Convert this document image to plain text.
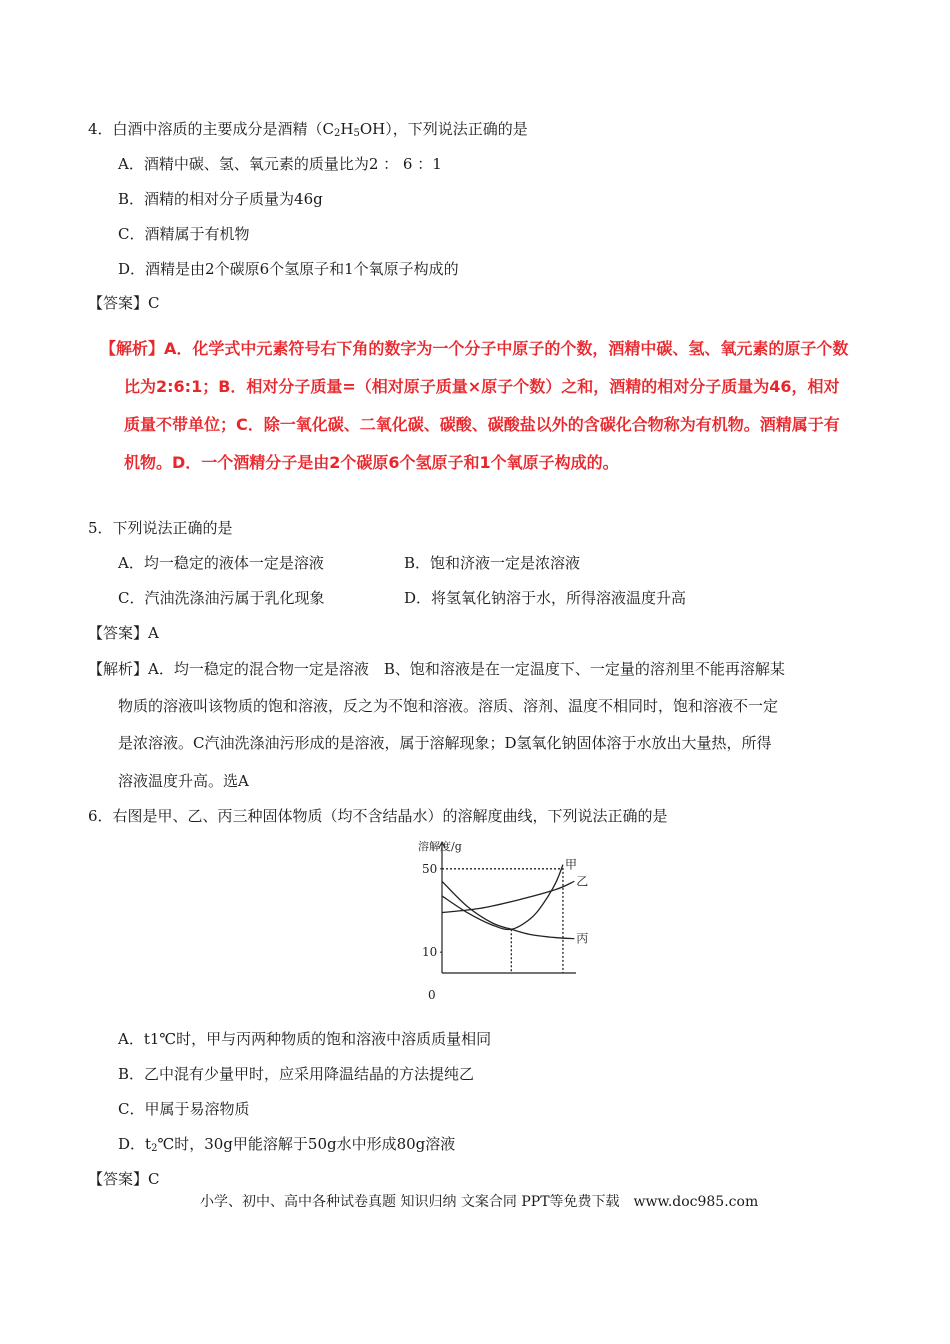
4．白酒中溶质的主要成分是酒精$(C_2H_5OH)$，下列说法正确的是
A．酒精中碳、氢、氧元素的质量比为2 ： 6 ：1
B．酒精的相对分子质量为46g
C．酒精属于有机物
D．酒精是由2个碳原6个氢原子和1个氧原子构成的
【答案】C
【解析】A．化学式中元素符号右下角的数字为一个分子中原子的个数，酒精中碳、氢、氧元素的原子个数
比为2:6:1；B．相对分子质量=（相对原子质量×原子个数）之和，酒精的相对分子质量为46，相对
质量不带单位；C．除一氧化碳、二氧化碳、碳酸、碳酸盐以外的含碳化合物称为有机物。酒精属于有
机物。D．一个酒精分子是由2个碳原6个氢原子和1个氧原子构成的。
5．下列说法正确的是
A．均一稳定的液体一定是溶液	B．饱和济液一定是浓溶液
C．汽油洗涤油污属于乳化现象	D．将氢氧化钠溶于水，所得溶液温度升高
【答案】A
【解析】A．均一稳定的混合物一定是溶液　B、饱和溶液是在一定温度下、一定量的溶剂里不能再溶解某
物质的溶液叫该物质的饱和溶液，反之为不饱和溶液。溶质、溶剂、温度不相同时，饱和溶液不一定
是浓溶液。C汽油洗涤油污形成的是溶液，属于溶解现象；D氢氧化钠固体溶于水放出大量热，所得
溶液温度升高。选A
6．右图是甲、乙、丙三种固体物质（均不含结晶水）的溶解度曲线，下列说法正确的是
溶解度/g
50
10
0
甲
乙
丙
A．t1℃时，甲与丙两种物质的饱和溶液中溶质质量相同
B．乙中混有少量甲时，应采用降温结晶的方法提纯乙
C．甲属于易溶物质
D．$t_2℃$时，30g甲能溶解于50g水中形成80g溶液
【答案】C
小学、初中、高中各种试卷真题 知识归纳 文案合同 PPT等免费下载　www.doc985.com
